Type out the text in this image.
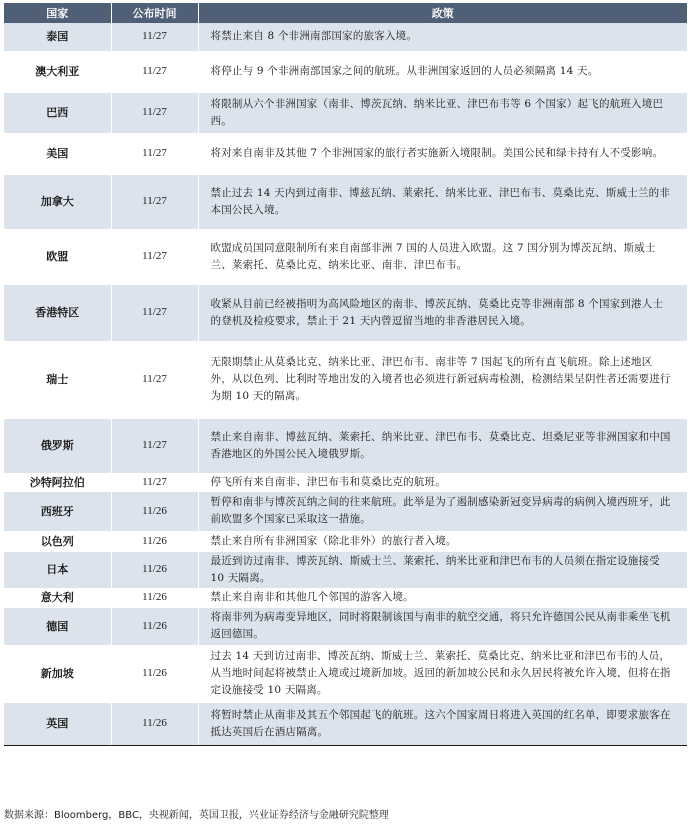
国家	公布时间	政策
泰国	11/27	将禁止来自 8 个非洲南部国家的旅客入境。
澳大利亚	11/27	将停止与 9 个非洲南部国家之间的航班。从非洲国家返回的人员必须隔离 14 天。
巴西	11/27	将限制从六个非洲国家（南非、博茨瓦纳、纳米比亚、津巴布韦等 6 个国家）起飞的航班入境巴西。
美国	11/27	将对来自南非及其他 7 个非洲国家的旅行者实施新入境限制。美国公民和绿卡持有人不受影响。
加拿大	11/27	禁止过去 14 天内到过南非、博兹瓦纳、莱索托、纳米比亚、津巴布韦、莫桑比克、斯威士兰的非本国公民入境。
欧盟	11/27	欧盟成员国同意限制所有来自南部非洲 7 国的人员进入欧盟。这 7 国分别为博茨瓦纳、斯威士兰、莱索托、莫桑比克、纳米比亚、南非、津巴布韦。
香港特区	11/27	收紧从目前已经被指明为高风险地区的南非、博茨瓦纳、莫桑比克等非洲南部 8 个国家到港人士的登机及检疫要求，禁止于 21 天内曾逗留当地的非香港居民入境。
瑞士	11/27	无限期禁止从莫桑比克、纳米比亚、津巴布韦、南非等 7 国起飞的所有直飞航班。除上述地区外，从以色列、比利时等地出发的入境者也必须进行新冠病毒检测，检测结果呈阴性者还需要进行为期 10 天的隔离。
俄罗斯	11/27	禁止来自南非、博兹瓦纳、莱索托、纳米比亚、津巴布韦、莫桑比克、坦桑尼亚等非洲国家和中国香港地区的外国公民入境俄罗斯。
沙特阿拉伯	11/27	停飞所有来自南非、津巴布韦和莫桑比克的航班。
西班牙	11/26	暂停和南非与博茨瓦纳之间的往来航班。此举是为了遏制感染新冠变异病毒的病例入境西班牙，此前欧盟多个国家已采取这一措施。
以色列	11/26	禁止来自所有非洲国家（除北非外）的旅行者入境。
日本	11/26	最近到访过南非、博茨瓦纳、斯威士兰、莱索托、纳米比亚和津巴布韦的人员须在指定设施接受 10 天隔离。
意大利	11/26	禁止来自南非和其他几个邻国的游客入境。
德国	11/26	将南非列为病毒变异地区，同时将限制该国与南非的航空交通，将只允许德国公民从南非乘坐飞机返回德国。
新加坡	11/26	过去 14 天到访过南非、博茨瓦纳、斯威士兰、莱索托、莫桑比克、纳米比亚和津巴布韦的人员，从当地时间起将被禁止入境或过境新加坡。返回的新加坡公民和永久居民将被允许入境，但将在指定设施接受 10 天隔离。
英国	11/26	将暂时禁止从南非及其五个邻国起飞的航班。这六个国家周日将进入英国的红名单，即要求旅客在抵达英国后在酒店隔离。
数据来源：Bloomberg，BBC，央视新闻，英国卫报，兴业证券经济与金融研究院整理
